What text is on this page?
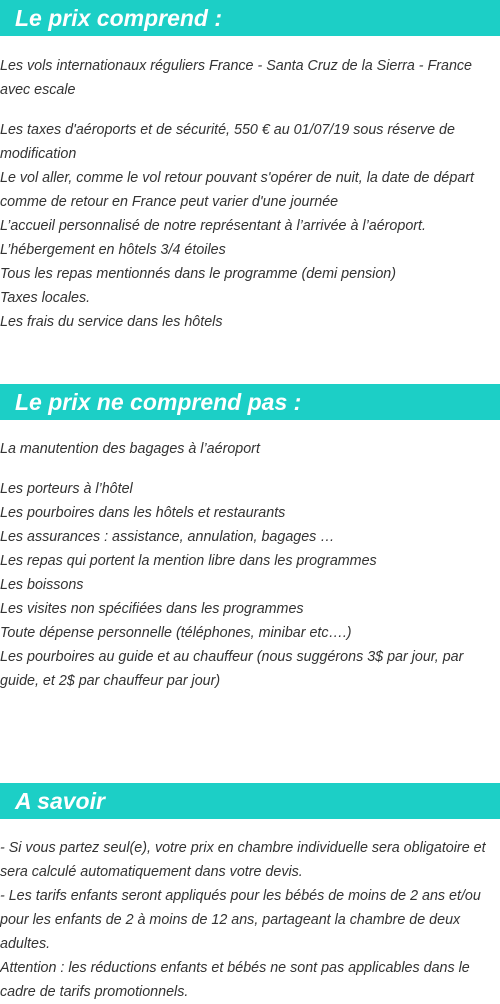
Le prix comprend :
Les vols internationaux réguliers France - Santa Cruz de la Sierra - France avec escale

Les taxes d'aéroports et de sécurité, 550 € au 01/07/19 sous réserve de modification

Le vol aller, comme le vol retour pouvant s'opérer de nuit, la date de départ comme de retour en France peut varier d'une journée

L’accueil personnalisé de notre représentant à l’arrivée à l’aéroport.

L’hébergement en hôtels 3/4 étoiles

Tous les repas mentionnés dans le programme (demi pension)

Taxes locales.

Les frais du service dans les hôtels

Le prix ne comprend pas :
La manutention des bagages à l’aéroport

Les porteurs à l’hôtel

Les pourboires dans les hôtels et restaurants

Les assurances : assistance, annulation, bagages …

Les repas qui portent la mention libre dans les programmes

Les boissons

Les visites non spécifiées dans les programmes

Toute dépense personnelle (téléphones, minibar etc….)

Les pourboires au guide et au chauffeur (nous suggérons 3$ par jour, par guide, et 2$ par chauffeur par jour)

A savoir

- Si vous partez seul(e), votre prix en chambre individuelle sera obligatoire et sera calculé automatiquement dans votre devis.

- Les tarifs enfants seront appliqués pour les bébés de moins de 2 ans et/ou pour les enfants de 2 à moins de 12 ans, partageant la chambre de deux adultes.

Attention : les réductions enfants et bébés ne sont pas applicables dans le cadre de tarifs promotionnels.
